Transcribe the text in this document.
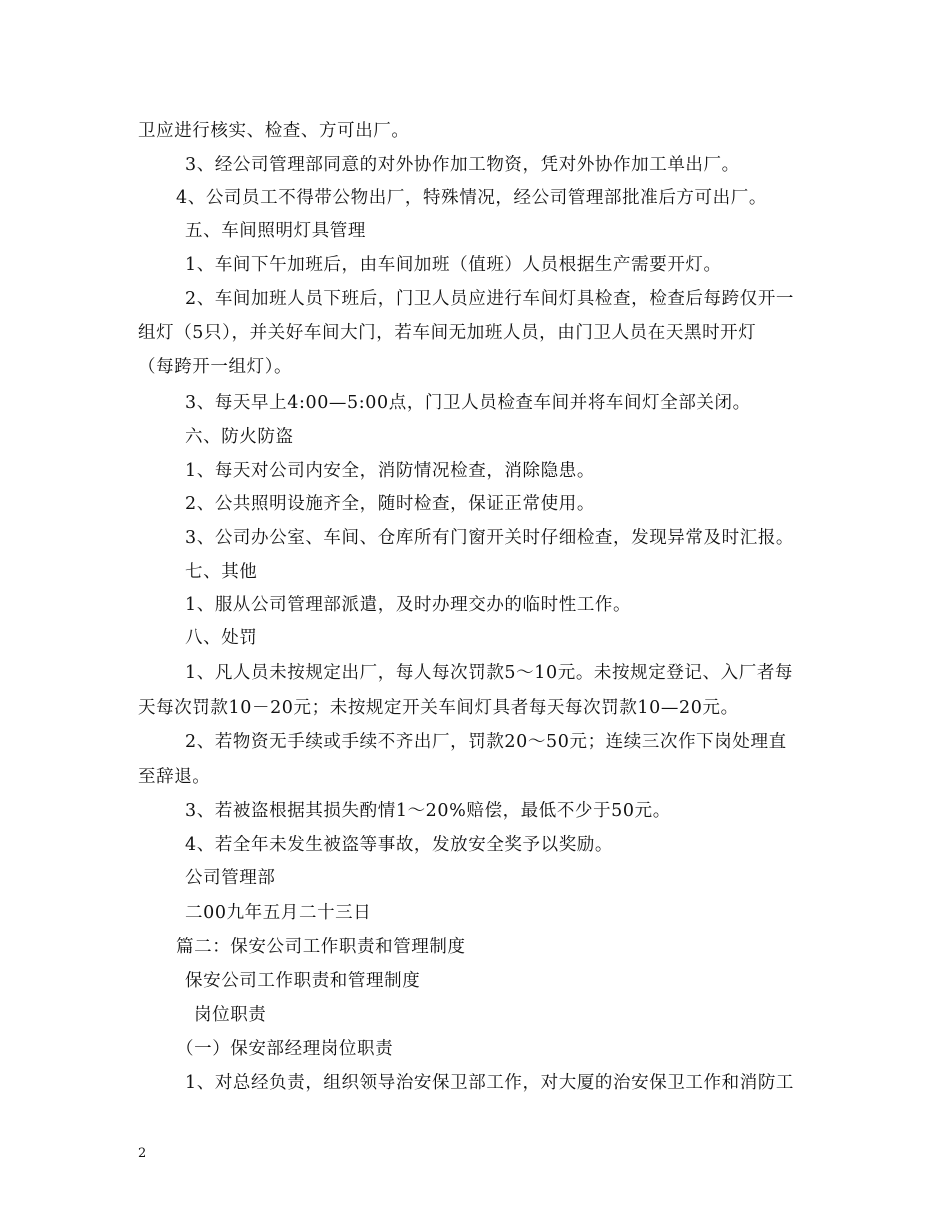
卫应进行核实、检查、方可出厂。
3、经公司管理部同意的对外协作加工物资，凭对外协作加工单出厂。
4、公司员工不得带公物出厂，特殊情况，经公司管理部批准后方可出厂。
五、车间照明灯具管理
1、车间下午加班后，由车间加班（值班）人员根据生产需要开灯。
2、车间加班人员下班后，门卫人员应进行车间灯具检查，检查后每跨仅开一
组灯（5只），并关好车间大门，若车间无加班人员，由门卫人员在天黑时开灯
（每跨开一组灯）。
3、每天早上4:00—5:00点，门卫人员检查车间并将车间灯全部关闭。
六、防火防盗
1、每天对公司内安全，消防情况检查，消除隐患。
2、公共照明设施齐全，随时检查，保证正常使用。
3、公司办公室、车间、仓库所有门窗开关时仔细检查，发现异常及时汇报。
七、其他
1、服从公司管理部派遣，及时办理交办的临时性工作。
八、处罚
1、凡人员未按规定出厂，每人每次罚款5～10元。未按规定登记、入厂者每
天每次罚款10－20元；未按规定开关车间灯具者每天每次罚款10—20元。
2、若物资无手续或手续不齐出厂，罚款20～50元；连续三次作下岗处理直
至辞退。
3、若被盗根据其损失酌情1～20%赔偿，最低不少于50元。
4、若全年未发生被盗等事故，发放安全奖予以奖励。
公司管理部
二00九年五月二十三日
篇二：保安公司工作职责和管理制度
保安公司工作职责和管理制度
岗位职责
（一）保安部经理岗位职责
1、对总经负责，组织领导治安保卫部工作，对大厦的治安保卫工作和消防工
2
